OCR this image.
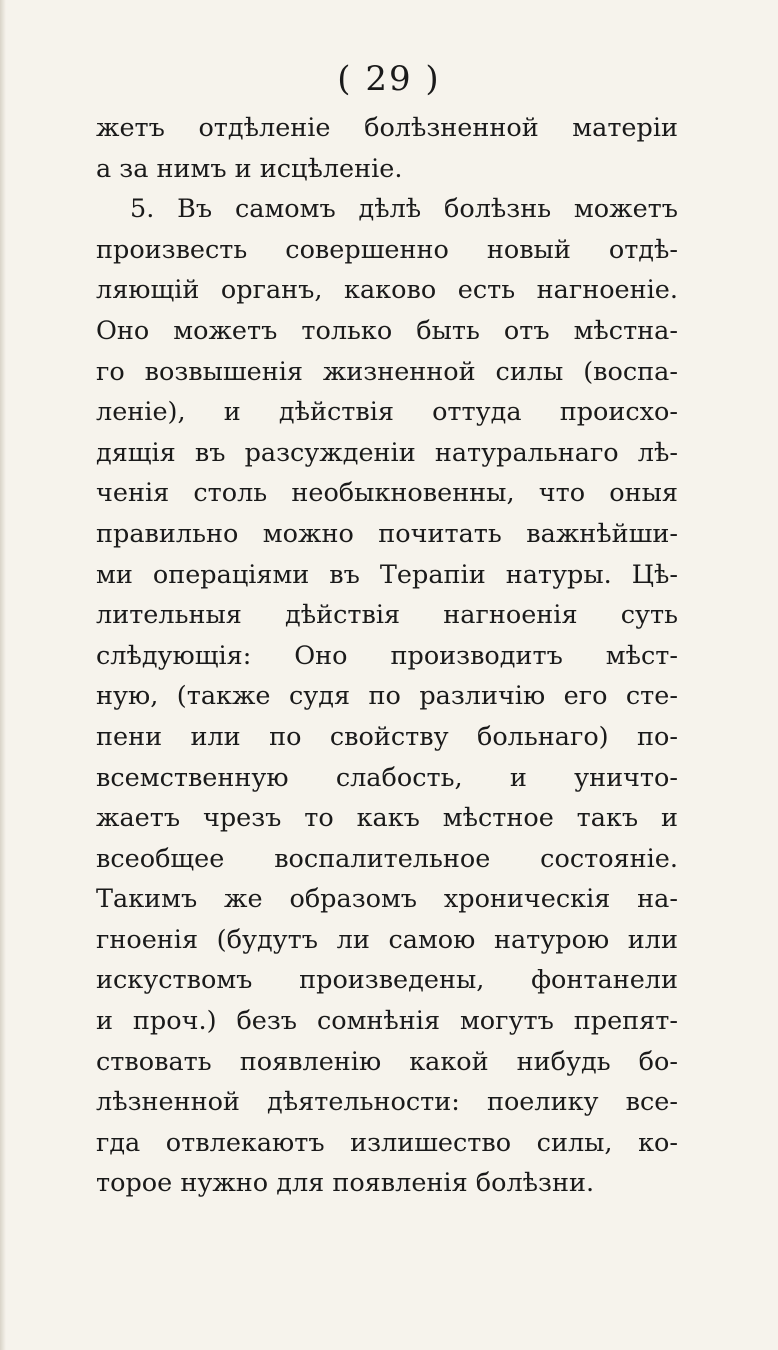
( 29 )
жетъ отдѣленіе болѣзненной матеріи
а за нимъ и исцѣленіе.
5. Въ самомъ дѣлѣ болѣзнь можетъ
произвесть совершенно новый отдѣ-
ляющій органъ, каково есть нагноеніе.
Оно можетъ только быть отъ мѣстна-
го возвышенія жизненной силы (воспа-
леніе), и дѣйствія оттуда происхо-
дящія въ разсужденіи натуральнаго лѣ-
ченія столь необыкновенны, что оныя
правильно можно почитать важнѣйши-
ми операціями въ Терапіи натуры. Цѣ-
лительныя дѣйствія нагноенія суть
слѣдующія: Оно производитъ мѣст-
ную, (также судя по различію его сте-
пени или по свойству больнаго) по-
всемственную слабость, и уничто-
жаетъ чрезъ то какъ мѣстное такъ и
всеобщее воспалительное состояніе.
Такимъ же образомъ хроническія на-
гноенія (будутъ ли самою натурою или
искуствомъ произведены, фонтанели
и проч.) безъ сомнѣнія могутъ препят-
ствовать появленію какой нибудь бо-
лѣзненной дѣятельности: поелику все-
гда отвлекаютъ излишество силы, ко-
торое нужно для появленія болѣзни.
